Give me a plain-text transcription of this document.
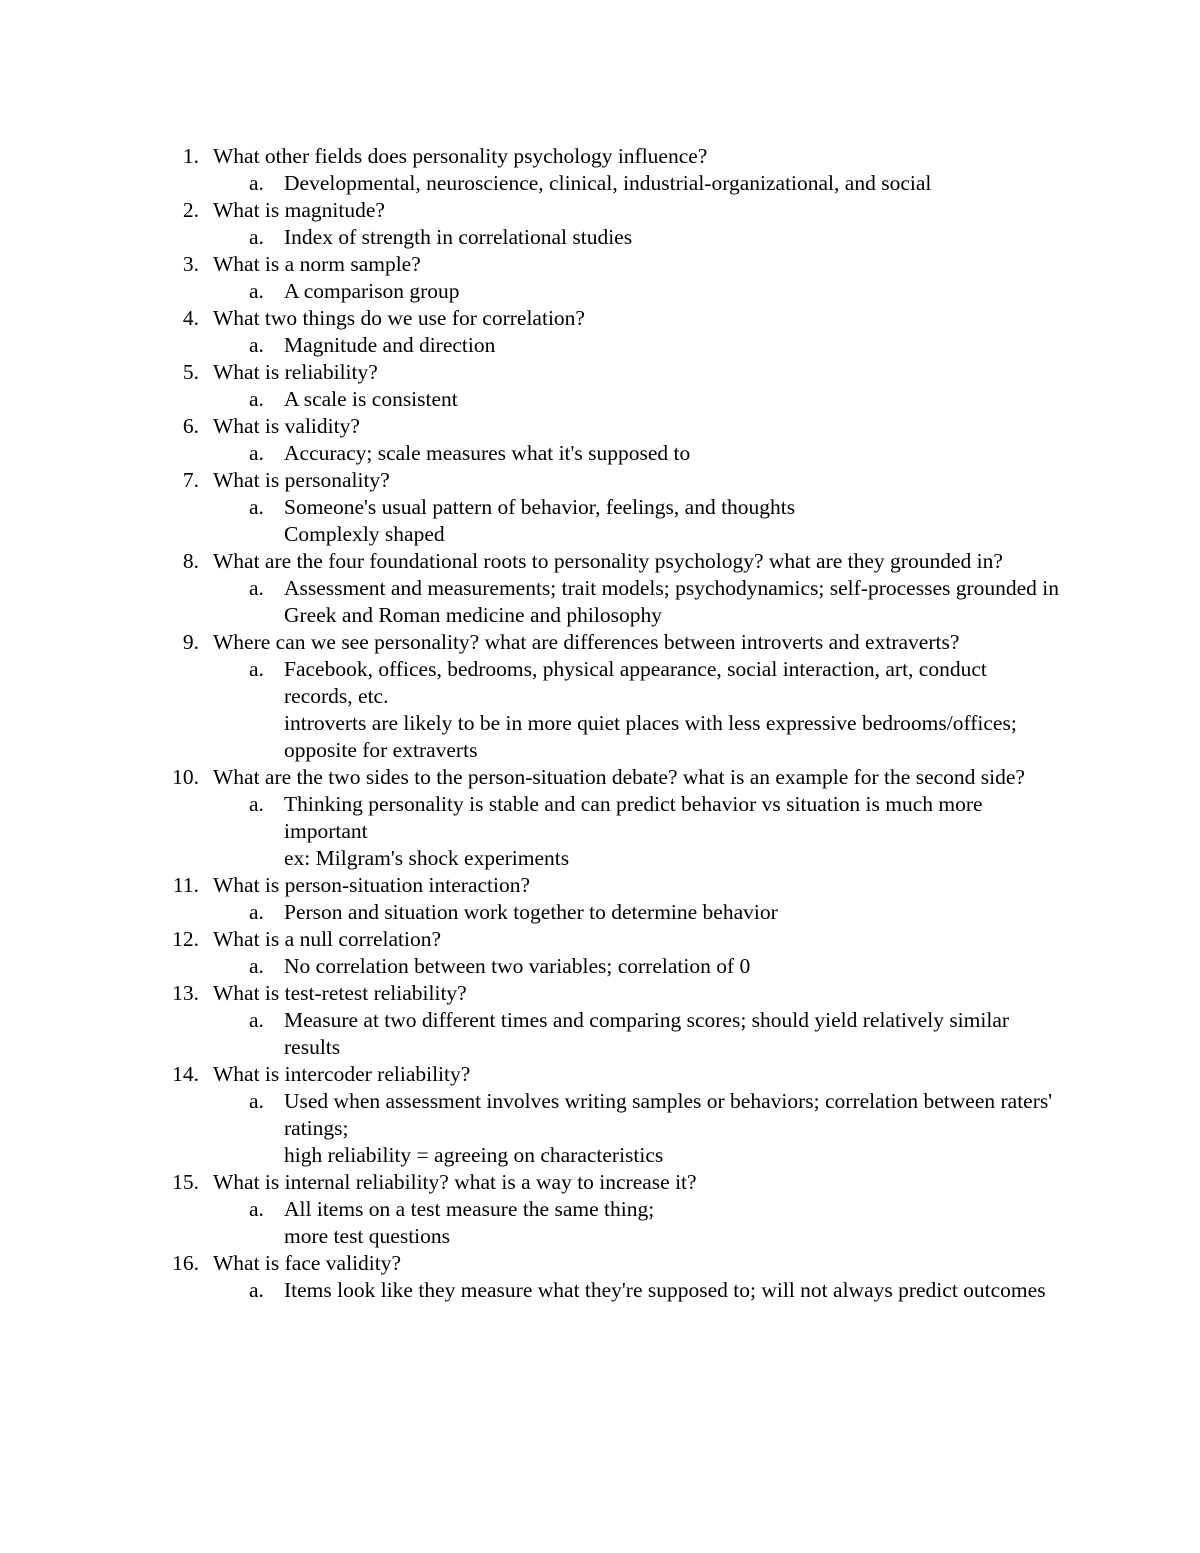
1. What other fields does personality psychology influence?
a. Developmental, neuroscience, clinical, industrial-organizational, and social
2. What is magnitude?
a. Index of strength in correlational studies
3. What is a norm sample?
a. A comparison group
4. What two things do we use for correlation?
a. Magnitude and direction
5. What is reliability?
a. A scale is consistent
6. What is validity?
a. Accuracy; scale measures what it's supposed to
7. What is personality?
a. Someone's usual pattern of behavior, feelings, and thoughts
Complexly shaped
8. What are the four foundational roots to personality psychology? what are they grounded in?
a. Assessment and measurements; trait models; psychodynamics; self-processes grounded in Greek and Roman medicine and philosophy
9. Where can we see personality? what are differences between introverts and extraverts?
a. Facebook, offices, bedrooms, physical appearance, social interaction, art, conduct records, etc.
introverts are likely to be in more quiet places with less expressive bedrooms/offices; opposite for extraverts
10. What are the two sides to the person-situation debate? what is an example for the second side?
a. Thinking personality is stable and can predict behavior vs situation is much more important
ex: Milgram's shock experiments
11. What is person-situation interaction?
a. Person and situation work together to determine behavior
12. What is a null correlation?
a. No correlation between two variables; correlation of 0
13. What is test-retest reliability?
a. Measure at two different times and comparing scores; should yield relatively similar results
14. What is intercoder reliability?
a. Used when assessment involves writing samples or behaviors; correlation between raters' ratings;
high reliability = agreeing on characteristics
15. What is internal reliability? what is a way to increase it?
a. All items on a test measure the same thing;
more test questions
16. What is face validity?
a. Items look like they measure what they're supposed to; will not always predict outcomes
